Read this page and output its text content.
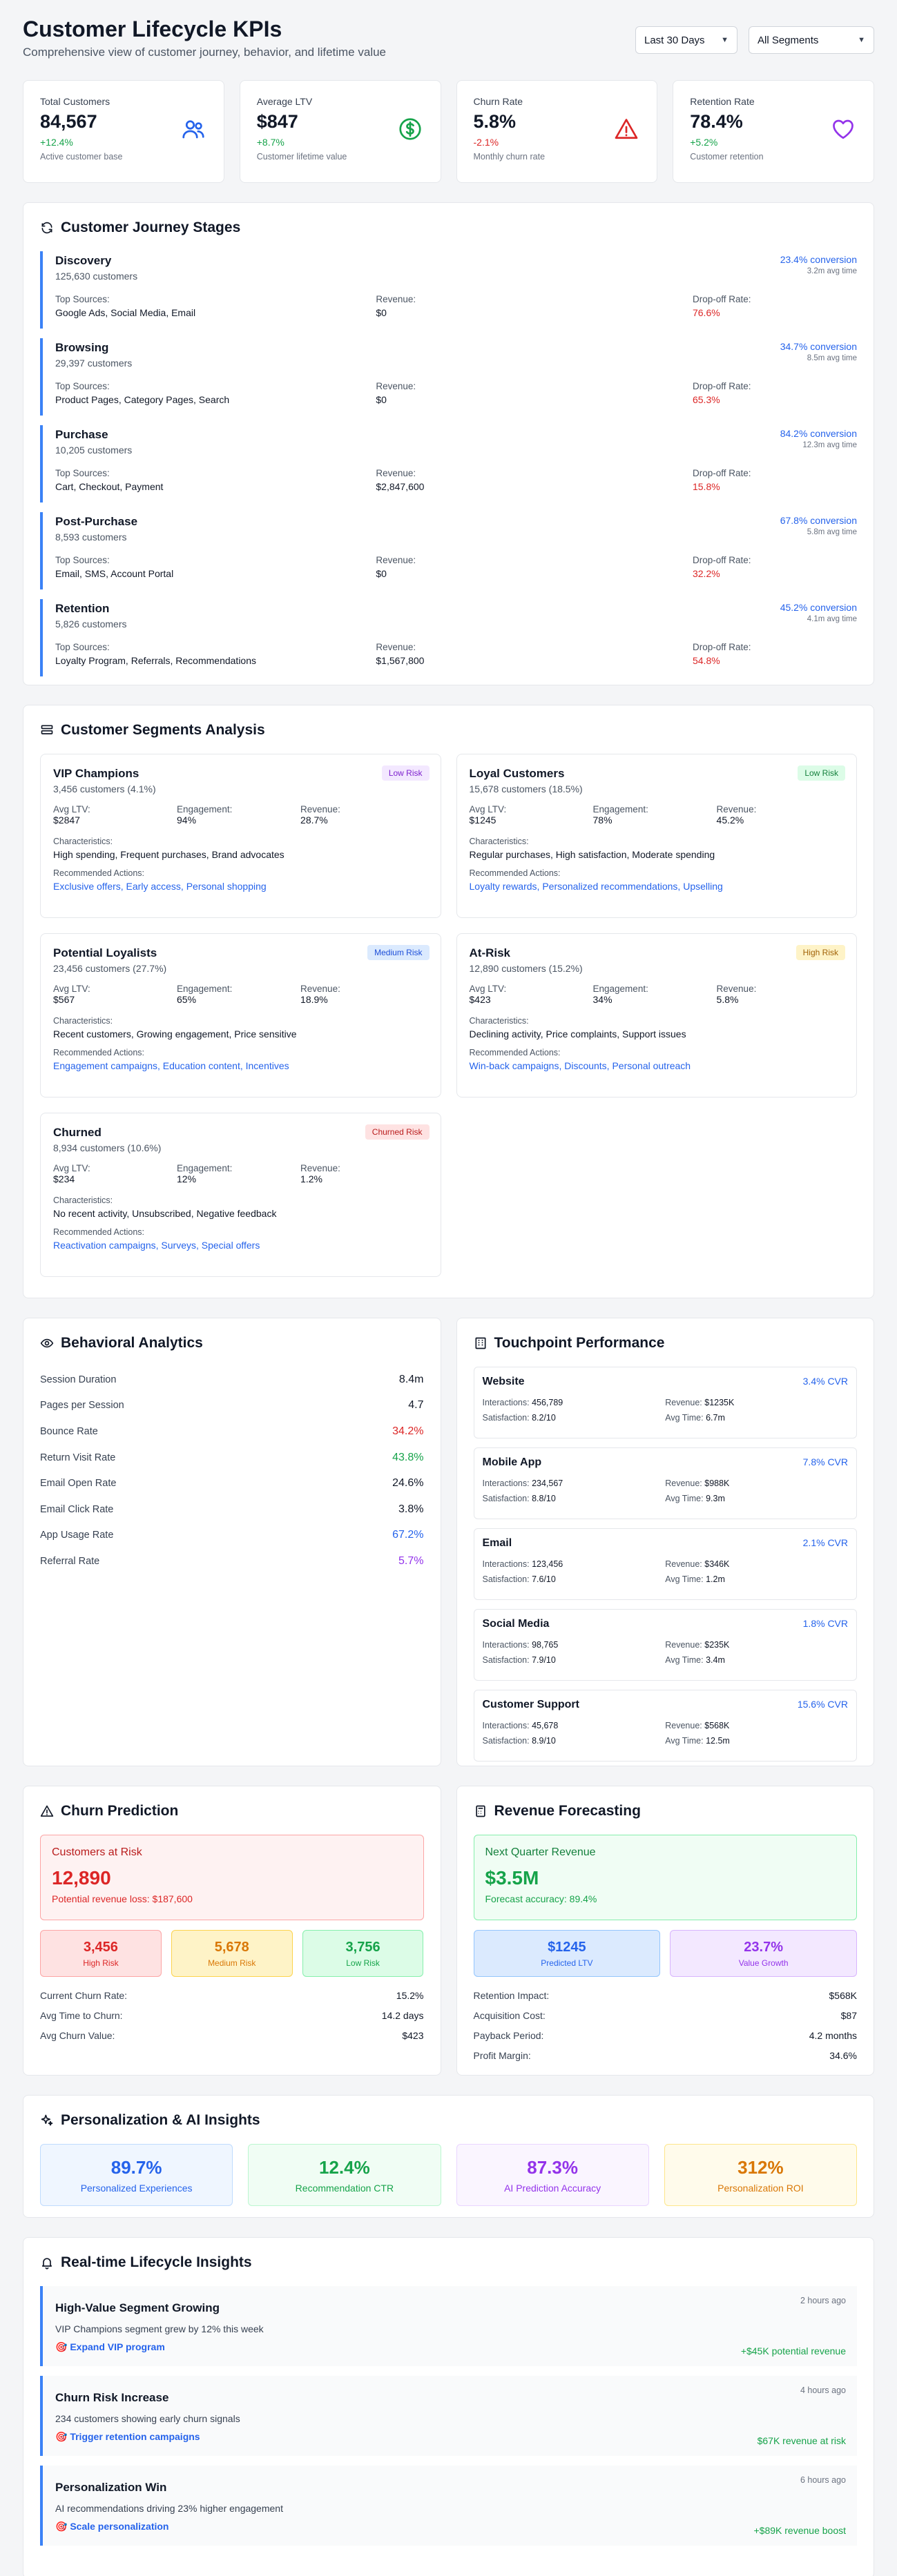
Customer Lifecycle KPIs
Comprehensive view of customer journey, behavior, and lifetime value
Last 30 Days ▼	All Segments	▼
Total Customers
84,567
+12.4%
Active customer base
Average LTV
$847
+8.7%
Customer lifetime value
Churn Rate
5.8%
-2.1%
Monthly churn rate
Retention Rate
78.4%
+5.2%
Customer retention
Customer Journey Stages
Discovery
125,630 customers
23.4% conversion
3.2m avg time
Top Sources:
Google Ads, Social Media, Email
Revenue:
$0
Drop-off Rate:
76.6%
Browsing
29,397 customers
34.7% conversion
8.5m avg time
Top Sources:
Product Pages, Category Pages, Search
Revenue:
$0
Drop-off Rate:
65.3%
Purchase
10,205 customers
84.2% conversion
12.3m avg time
Top Sources:
Cart, Checkout, Payment
Revenue:
$2,847,600
Drop-off Rate:
15.8%
Post-Purchase
8,593 customers
67.8% conversion
5.8m avg time
Top Sources:
Email, SMS, Account Portal
Revenue:
$0
Drop-off Rate:
32.2%
Retention
5,826 customers
45.2% conversion
4.1m avg time
Top Sources:
Loyalty Program, Referrals, Recommendations
Revenue:
$1,567,800
Drop-off Rate:
54.8%
Customer Segments Analysis
VIP Champions
3,456 customers (4.1%)
Low Risk
Avg LTV:
$2847
Engagement:
94%
Revenue:
28.7%
Characteristics:
High spending, Frequent purchases, Brand advocates
Recommended Actions:
Exclusive offers, Early access, Personal shopping
Loyal Customers
15,678 customers (18.5%)
Low Risk
Avg LTV:
$1245
Engagement:
78%
Revenue:
45.2%
Characteristics:
Regular purchases, High satisfaction, Moderate spending
Recommended Actions:
Loyalty rewards, Personalized recommendations, Upselling
Potential Loyalists
23,456 customers (27.7%)
Medium Risk
Avg LTV:
$567
Engagement:
65%
Revenue:
18.9%
Characteristics:
Recent customers, Growing engagement, Price sensitive
Recommended Actions:
Engagement campaigns, Education content, Incentives
At-Risk
12,890 customers (15.2%)
High Risk
Avg LTV:
$423
Engagement:
34%
Revenue:
5.8%
Characteristics:
Declining activity, Price complaints, Support issues
Recommended Actions:
Win-back campaigns, Discounts, Personal outreach
Churned
8,934 customers (10.6%)
Churned Risk
Avg LTV:
$234
Engagement:
12%
Revenue:
1.2%
Characteristics:
No recent activity, Unsubscribed, Negative feedback
Recommended Actions:
Reactivation campaigns, Surveys, Special offers
Behavioral Analytics
Session Duration	8.4m
Pages per Session	4.7
Bounce Rate	34.2%
Return Visit Rate	43.8%
Email Open Rate	24.6%
Email Click Rate	3.8%
App Usage Rate	67.2%
Referral Rate	5.7%
Touchpoint Performance
Website	3.4% CVR
Interactions: 456,789	Revenue: $1235K
Satisfaction: 8.2/10	Avg Time: 6.7m
Mobile App	7.8% CVR
Interactions: 234,567	Revenue: $988K
Satisfaction: 8.8/10	Avg Time: 9.3m
Email	2.1% CVR
Interactions: 123,456	Revenue: $346K
Satisfaction: 7.6/10	Avg Time: 1.2m
Social Media	1.8% CVR
Interactions: 98,765	Revenue: $235K
Satisfaction: 7.9/10	Avg Time: 3.4m
Customer Support	15.6% CVR
Interactions: 45,678	Revenue: $568K
Satisfaction: 8.9/10	Avg Time: 12.5m
Churn Prediction
Customers at Risk
12,890
Potential revenue loss: $187,600
3,456
High Risk
5,678
Medium Risk
3,756
Low Risk
Current Churn Rate:	15.2%
Avg Time to Churn:	14.2 days
Avg Churn Value:	$423
Revenue Forecasting
Next Quarter Revenue
$3.5M
Forecast accuracy: 89.4%
$1245
Predicted LTV
23.7%
Value Growth
Retention Impact:	$568K
Acquisition Cost:	$87
Payback Period:	4.2 months
Profit Margin:	34.6%
Personalization & AI Insights
89.7%
Personalized Experiences
12.4%
Recommendation CTR
87.3%
AI Prediction Accuracy
312%
Personalization ROI
Real-time Lifecycle Insights
High-Value Segment Growing
2 hours ago
VIP Champions segment grew by 12% this week
🎯 Expand VIP program	+$45K potential revenue
Churn Risk Increase
4 hours ago
234 customers showing early churn signals
🎯 Trigger retention campaigns	$67K revenue at risk
Personalization Win
6 hours ago
AI recommendations driving 23% higher engagement
🎯 Scale personalization	+$89K revenue boost
